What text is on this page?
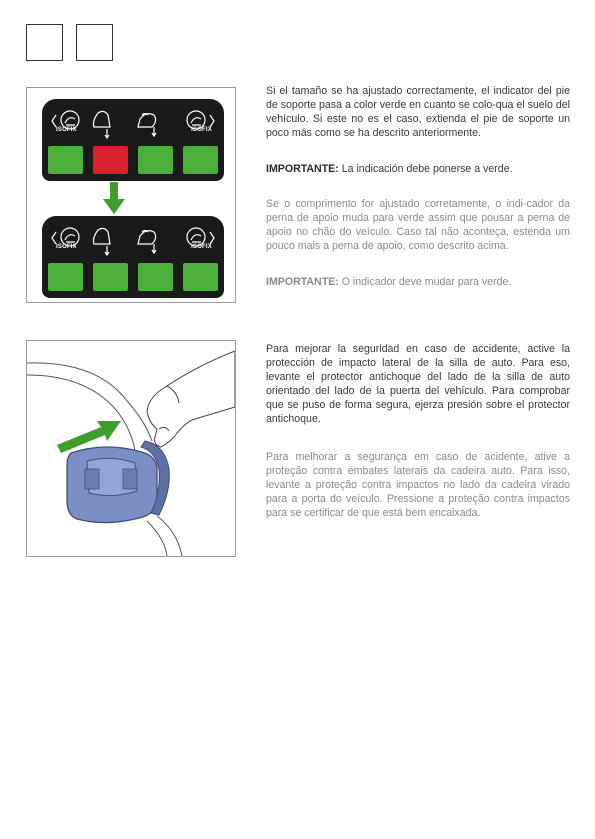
ISOFIX	ISOFIX
ISOFIX	ISOFIX

Si el tamaño se ha ajustado correctamente, el indicator del pie de soporte pasa a color verde en cuanto se colo-qua el suelo del vehículo. Si este no es el caso, extienda el pie de soporte un poco más como se ha descrito anteriormente.

IMPORTANTE: La indicación debe ponerse a verde.

Se o comprimento for ajustado corretamente, o indi-cador da perna de apoio muda para verde assim que pousar a perna de apoio no chão do veículo. Caso tal não aconteça, estenda um pouco mais a perna de apoio, como descrito acima.

IMPORTANTE: O indicador deve mudar para verde.

Para mejorar la seguridad en caso de accidente, active la protección de impacto lateral de la silla de auto. Para eso, levante el protector antichoque del lado de la silla de auto orientado del lado de la puerta del vehículo. Para comprobar que se puso de forma segura, ejerza presión sobre el protector antichoque.

Para melhorar a segurança em caso de acidente, ative a proteção contra embates laterais da cadeira auto. Para isso, levante a proteção contra impactos no lado da cadeira virado para a porta do veículo. Pressione a proteção contra impactos para se certificar de que está bem encaixada.
